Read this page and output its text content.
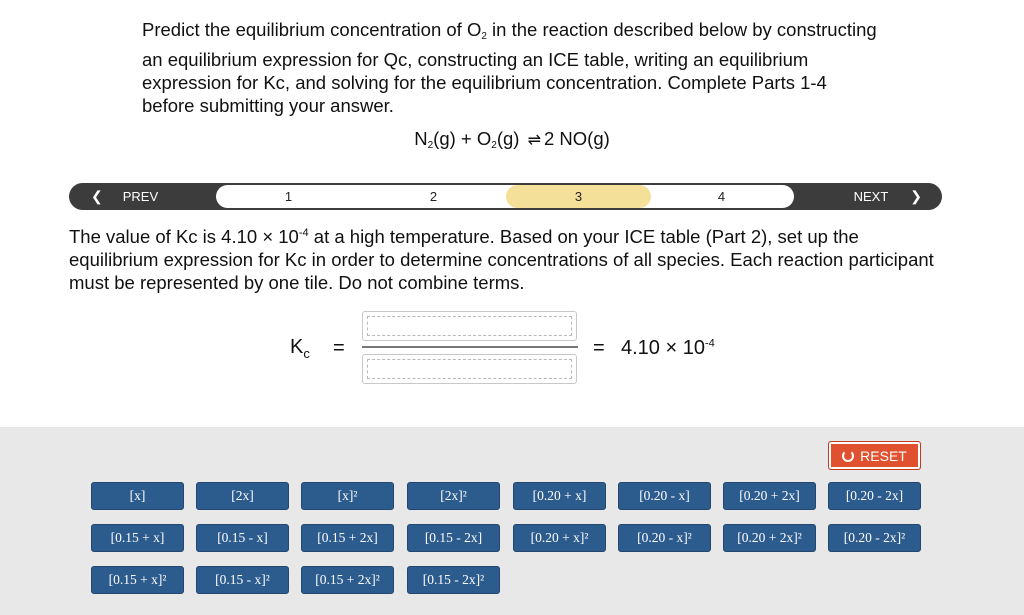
Predict the equilibrium concentration of $O_2$ in the reaction described below by constructing an equilibrium expression for Qc, constructing an ICE table, writing an equilibrium expression for Kc, and solving for the equilibrium concentration. Complete Parts 1-4 before submitting your answer.

$N_2(g) + O_2(g)$ ⇌ 2 NO(g)
❮ PREV	1	2	3	4	NEXT ❯

The value of Kc is $4.10 \times 10^{-4}$ at a high temperature. Based on your ICE table (Part 2), set up the equilibrium expression for Kc in order to determine concentrations of all species. Each reaction participant must be represented by one tile. Do not combine terms.

$K_c$ =	= $4.10 \times 10^{-4}$
RESET
[x]	[2x]	[x]²	[2x]²	[0.20 + x]	[0.20 - x]	[0.20 + 2x]	[0.20 - 2x]
[0.15 + x]	[0.15 - x]	[0.15 + 2x]	[0.15 - 2x]	[0.20 + x]²	[0.20 - x]²	[0.20 + 2x]²	[0.20 - 2x]²
[0.15 + x]²	[0.15 - x]²	[0.15 + 2x]²	[0.15 - 2x]²
